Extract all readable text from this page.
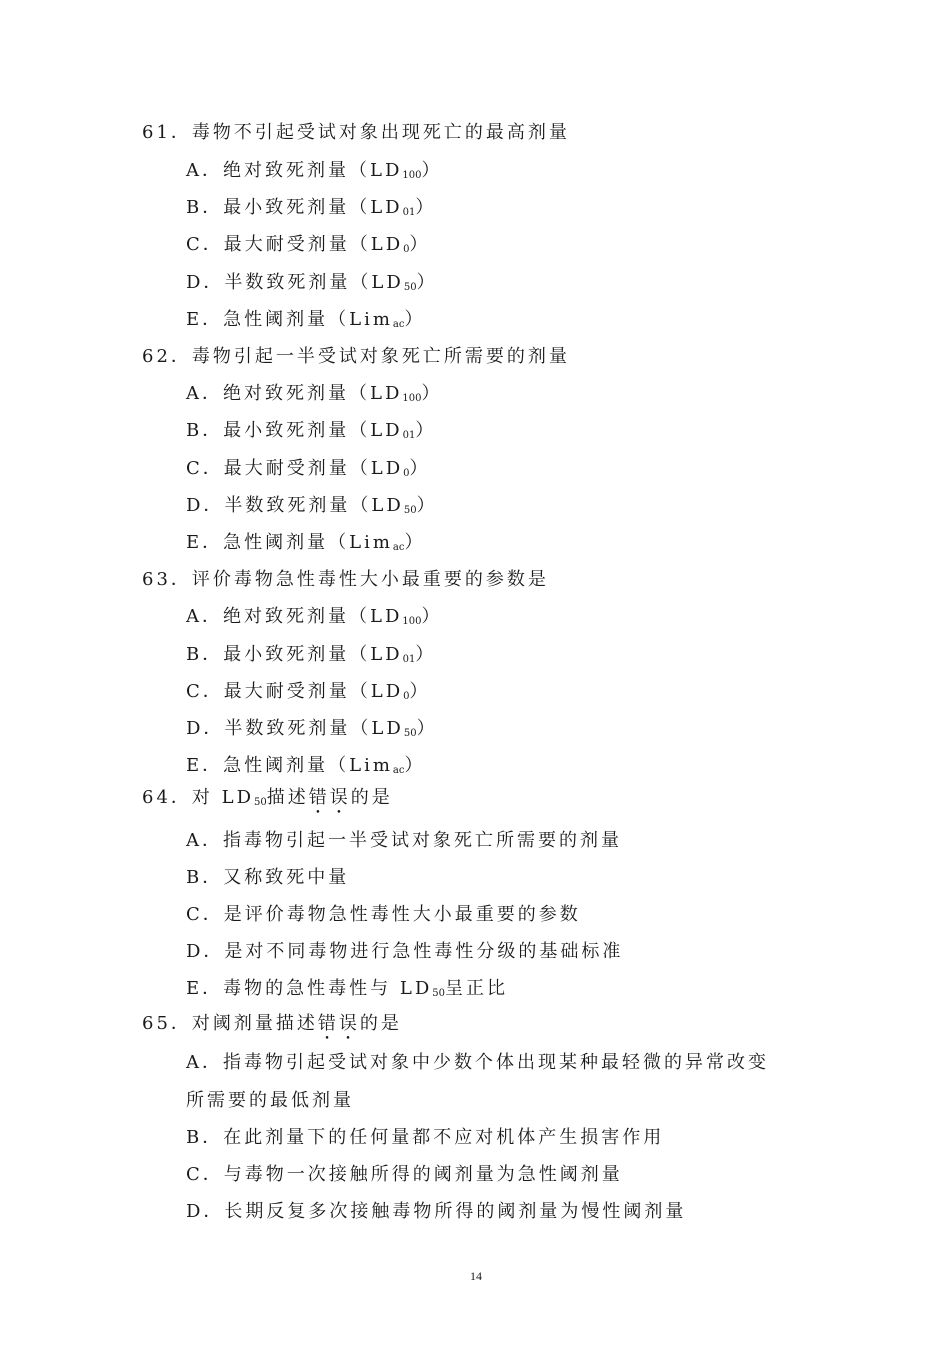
61．毒物不引起受试对象出现死亡的最高剂量
A．绝对致死剂量$(LD_{100})$
B．最小致死剂量$(LD_{01})$
C．最大耐受剂量$(LD_0)$
D．半数致死剂量$(LD_{50})$
E．急性阈剂量（Lim$_{ac}$）
62．毒物引起一半受试对象死亡所需要的剂量
A．绝对致死剂量$(LD_{100})$
B．最小致死剂量$(LD_{01})$
C．最大耐受剂量$(LD_0)$
D．半数致死剂量$(LD_{50})$
E．急性阈剂量（Lim$_{ac}$）
63．评价毒物急性毒性大小最重要的参数是
A．绝对致死剂量$(LD_{100})$
B．最小致死剂量$(LD_{01})$
C．最大耐受剂量$(LD_0)$
D．半数致死剂量$(LD_{50})$
E．急性阈剂量（Lim$_{ac}$）
64．对 $LD_{50}$描述错误的是
A．指毒物引起一半受试对象死亡所需要的剂量
B．又称致死中量
C．是评价毒物急性毒性大小最重要的参数
D．是对不同毒物进行急性毒性分级的基础标准
E．毒物的急性毒性与 $LD_{50}$呈正比
65．对阈剂量描述错误的是
A．指毒物引起受试对象中少数个体出现某种最轻微的异常改变
所需要的最低剂量
B．在此剂量下的任何量都不应对机体产生损害作用
C．与毒物一次接触所得的阈剂量为急性阈剂量
D．长期反复多次接触毒物所得的阈剂量为慢性阈剂量
14
